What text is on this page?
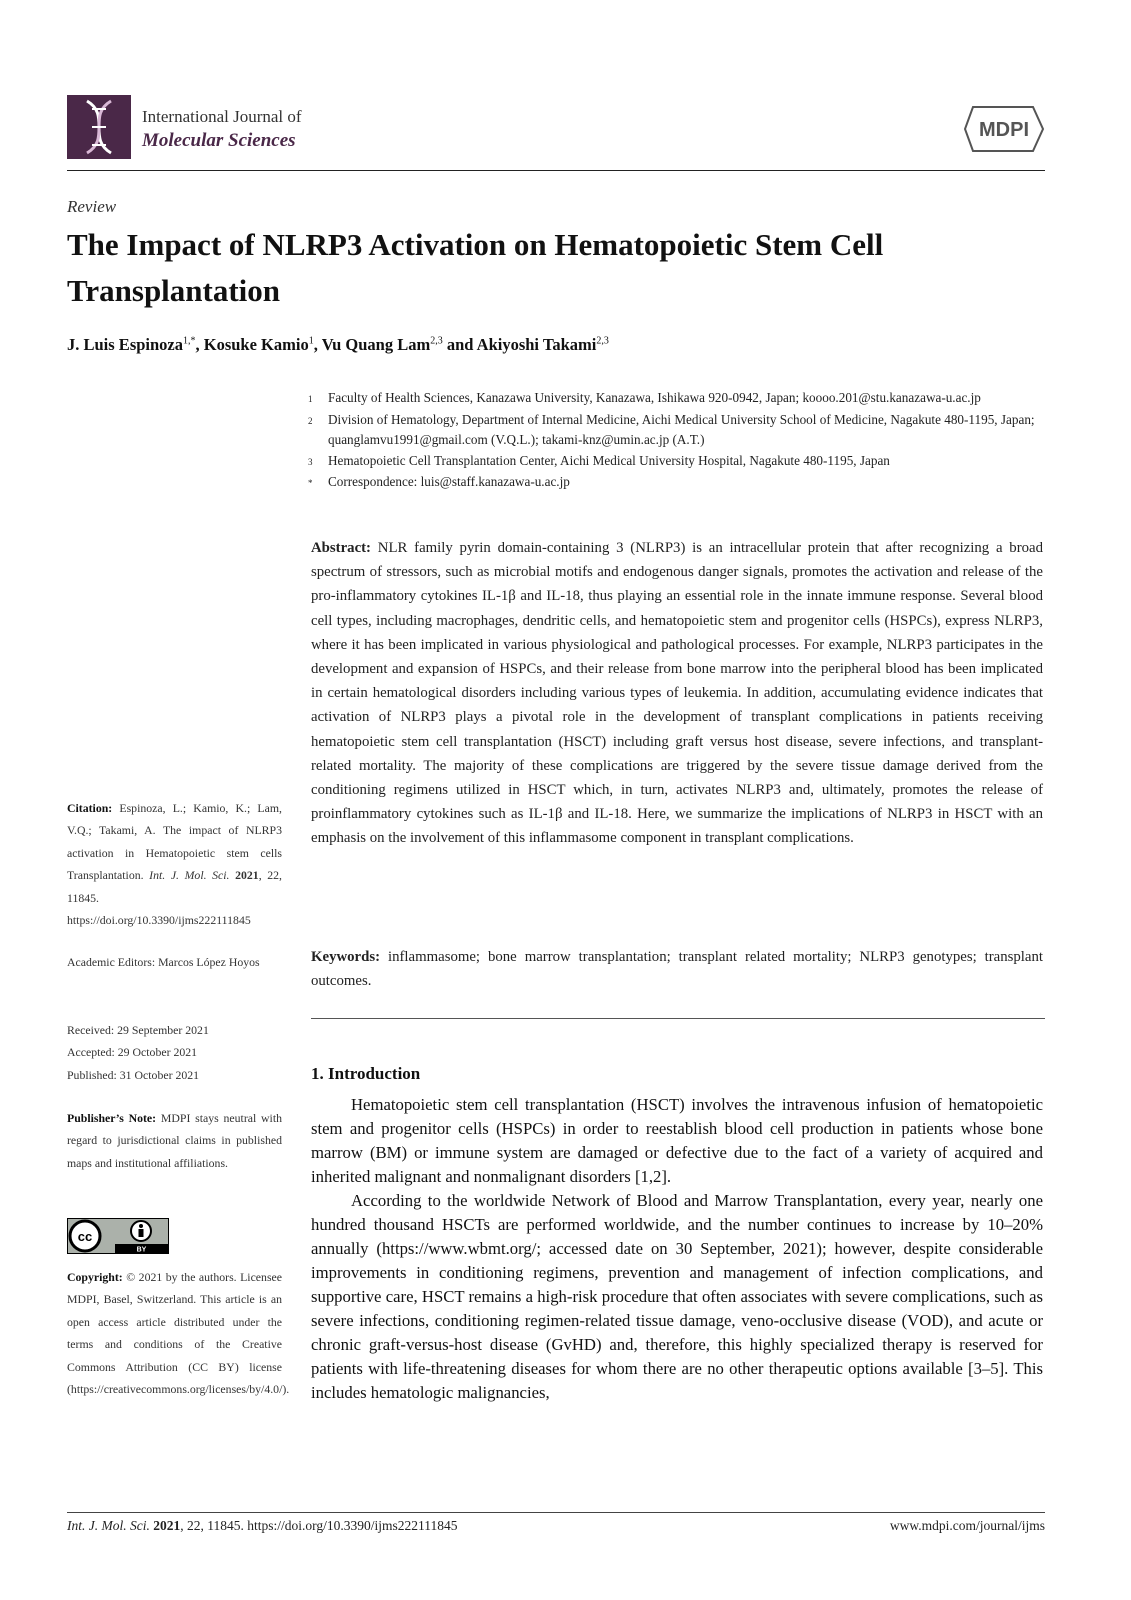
International Journal of
Molecular Sciences	MDPI
Review
The Impact of NLRP3 Activation on Hematopoietic Stem Cell Transplantation
J. Luis Espinoza$^{1,*}$, Kosuke Kamio$^1$, Vu Quang Lam$^{2,3}$ and Akiyoshi Takami$^{2,3}$
1	Faculty of Health Sciences, Kanazawa University, Kanazawa, Ishikawa 920-0942, Japan; koooo.201@stu.kanazawa-u.ac.jp
2	Division of Hematology, Department of Internal Medicine, Aichi Medical University School of Medicine, Nagakute 480-1195, Japan; quanglamvu1991@gmail.com (V.Q.L.); takami-knz@umin.ac.jp (A.T.)
3	Hematopoietic Cell Transplantation Center, Aichi Medical University Hospital, Nagakute 480-1195, Japan
*	Correspondence: luis@staff.kanazawa-u.ac.jp
Abstract: NLR family pyrin domain-containing 3 (NLRP3) is an intracellular protein that after recognizing a broad spectrum of stressors, such as microbial motifs and endogenous danger signals, promotes the activation and release of the pro-inflammatory cytokines IL-1β and IL-18, thus playing an essential role in the innate immune response. Several blood cell types, including macrophages, dendritic cells, and hematopoietic stem and progenitor cells (HSPCs), express NLRP3, where it has been implicated in various physiological and pathological processes. For example, NLRP3 participates in the development and expansion of HSPCs, and their release from bone marrow into the peripheral blood has been implicated in certain hematological disorders including various types of leukemia. In addition, accumulating evidence indicates that activation of NLRP3 plays a pivotal role in the development of transplant complications in patients receiving hematopoietic stem cell transplantation (HSCT) including graft versus host disease, severe infections, and transplant-related mortality. The majority of these complications are triggered by the severe tissue damage derived from the conditioning regimens utilized in HSCT which, in turn, activates NLRP3 and, ultimately, promotes the release of proinflammatory cytokines such as IL-1β and IL-18. Here, we summarize the implications of NLRP3 in HSCT with an emphasis on the involvement of this inflammasome component in transplant complications.
Keywords: inflammasome; bone marrow transplantation; transplant related mortality; NLRP3 genotypes; transplant outcomes.
Citation: Espinoza, L.; Kamio, K.; Lam, V.Q.; Takami, A. The impact of NLRP3 activation in Hematopoietic stem cells Transplantation. Int. J. Mol. Sci. 2021, 22, 11845. https://doi.org/10.3390/ijms222111845
Academic Editors: Marcos López Hoyos
Received: 29 September 2021
Accepted: 29 October 2021
Published: 31 October 2021
Publisher’s Note: MDPI stays neutral with regard to jurisdictional claims in published maps and institutional affiliations.
cc
BY
Copyright: © 2021 by the authors. Licensee MDPI, Basel, Switzerland. This article is an open access article distributed under the terms and conditions of the Creative Commons Attribution (CC BY) license (https://creativecommons.org/licenses/by/4.0/).
1. Introduction

Hematopoietic stem cell transplantation (HSCT) involves the intravenous infusion of hematopoietic stem and progenitor cells (HSPCs) in order to reestablish blood cell production in patients whose bone marrow (BM) or immune system are damaged or defective due to the fact of a variety of acquired and inherited malignant and nonmalignant disorders [1,2].

According to the worldwide Network of Blood and Marrow Transplantation, every year, nearly one hundred thousand HSCTs are performed worldwide, and the number continues to increase by 10–20% annually (https://www.wbmt.org/; accessed date on 30 September, 2021); however, despite considerable improvements in conditioning regimens, prevention and management of infection complications, and supportive care, HSCT remains a high-risk procedure that often associates with severe complications, such as severe infections, conditioning regimen-related tissue damage, veno-occlusive disease (VOD), and acute or chronic graft-versus-host disease (GvHD) and, therefore, this highly specialized therapy is reserved for patients with life-threatening diseases for whom there are no other therapeutic options available [3–5]. This includes hematologic malignancies,

Int. J. Mol. Sci. 2021, 22, 11845. https://doi.org/10.3390/ijms222111845	www.mdpi.com/journal/ijms
